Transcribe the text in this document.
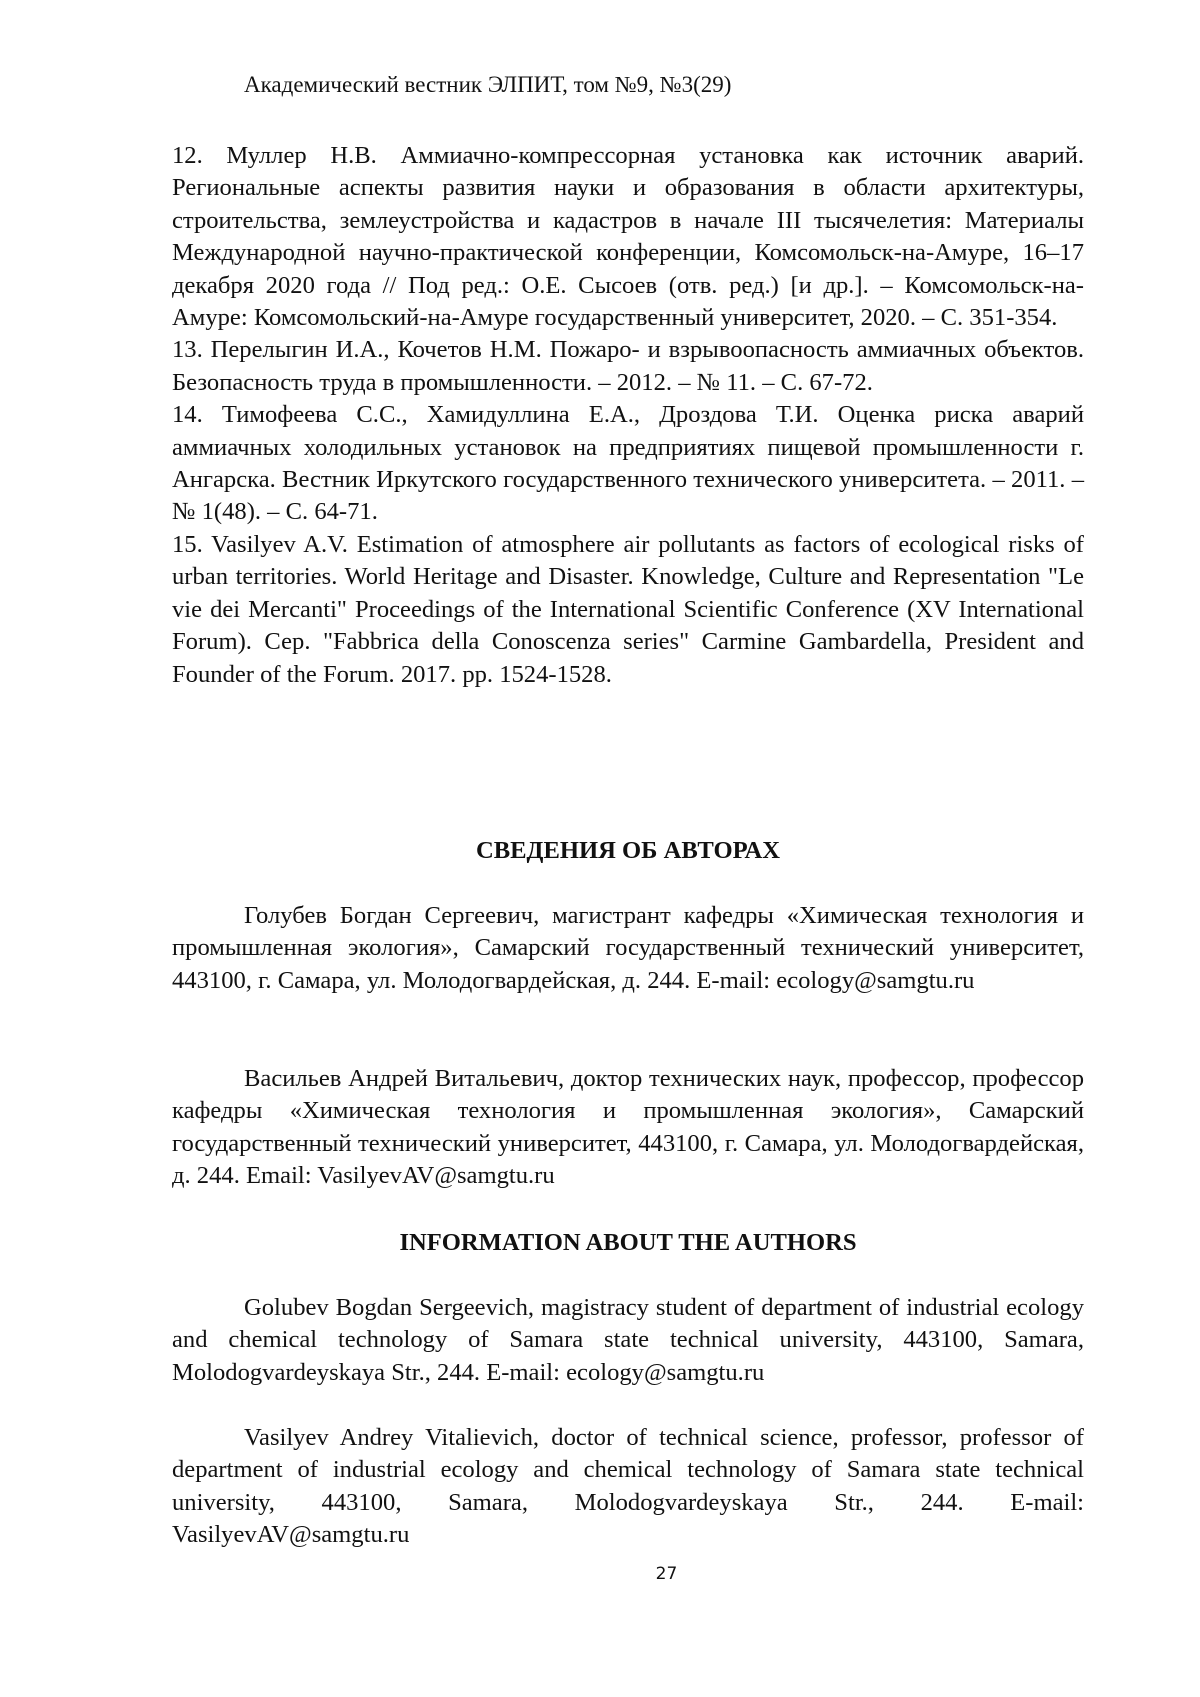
Академический вестник ЭЛПИТ, том №9, №3(29)

12. Муллер Н.В. Аммиачно-компрессорная установка как источник аварий. Региональные аспекты развития науки и образования в области архитектуры, строительства, землеустройства и кадастров в начале III тысячелетия: Материалы Международной научно-практической конференции, Комсомольск-на-Амуре, 16–17 декабря 2020 года // Под ред.: О.Е. Сысоев (отв. ред.) [и др.]. – Комсомольск-на-Амуре: Комсомольский-на-Амуре государственный университет, 2020. – С. 351-354.

13. Перелыгин И.А., Кочетов Н.М. Пожаро- и взрывоопасность аммиачных объектов. Безопасность труда в промышленности. – 2012. – № 11. – С. 67-72.

14. Тимофеева С.С., Хамидуллина Е.А., Дроздова Т.И. Оценка риска аварий аммиачных холодильных установок на предприятиях пищевой промышленности г. Ангарска. Вестник Иркутского государственного технического университета. – 2011. – № 1(48). – С. 64-71.

15. Vasilyev A.V. Estimation of atmosphere air pollutants as factors of ecological risks of urban territories. World Heritage and Disaster. Knowledge, Culture and Representation "Le vie dei Mercanti" Proceedings of the International Scientific Conference (XV International Forum). Сер. "Fabbrica della Conoscenza series" Carmine Gambardella, President and Founder of the Forum. 2017. pp. 1524-1528.

СВЕДЕНИЯ ОБ АВТОРАХ

Голубев Богдан Сергеевич, магистрант кафедры «Химическая технология и промышленная экология», Самарский государственный технический университет, 443100, г. Самара, ул. Молодогвардейская, д. 244. E-mail: ecology@samgtu.ru

Васильев Андрей Витальевич, доктор технических наук, профессор, профессор кафедры «Химическая технология и промышленная экология», Самарский государственный технический университет, 443100, г. Самара, ул. Молодогвардейская, д. 244. Email: VasilyevAV@samgtu.ru

INFORMATION ABOUT THE AUTHORS

Golubev Bogdan Sergeevich, magistracy student of department of industrial ecology and chemical technology of Samara state technical university, 443100, Samara, Molodogvardeyskaya Str., 244. E-mail: ecology@samgtu.ru

Vasilyev Andrey Vitalievich, doctor of technical science, professor, professor of department of industrial ecology and chemical technology of Samara state technical university, 443100, Samara, Molodogvardeyskaya Str., 244. E-mail: VasilyevAV@samgtu.ru

27
